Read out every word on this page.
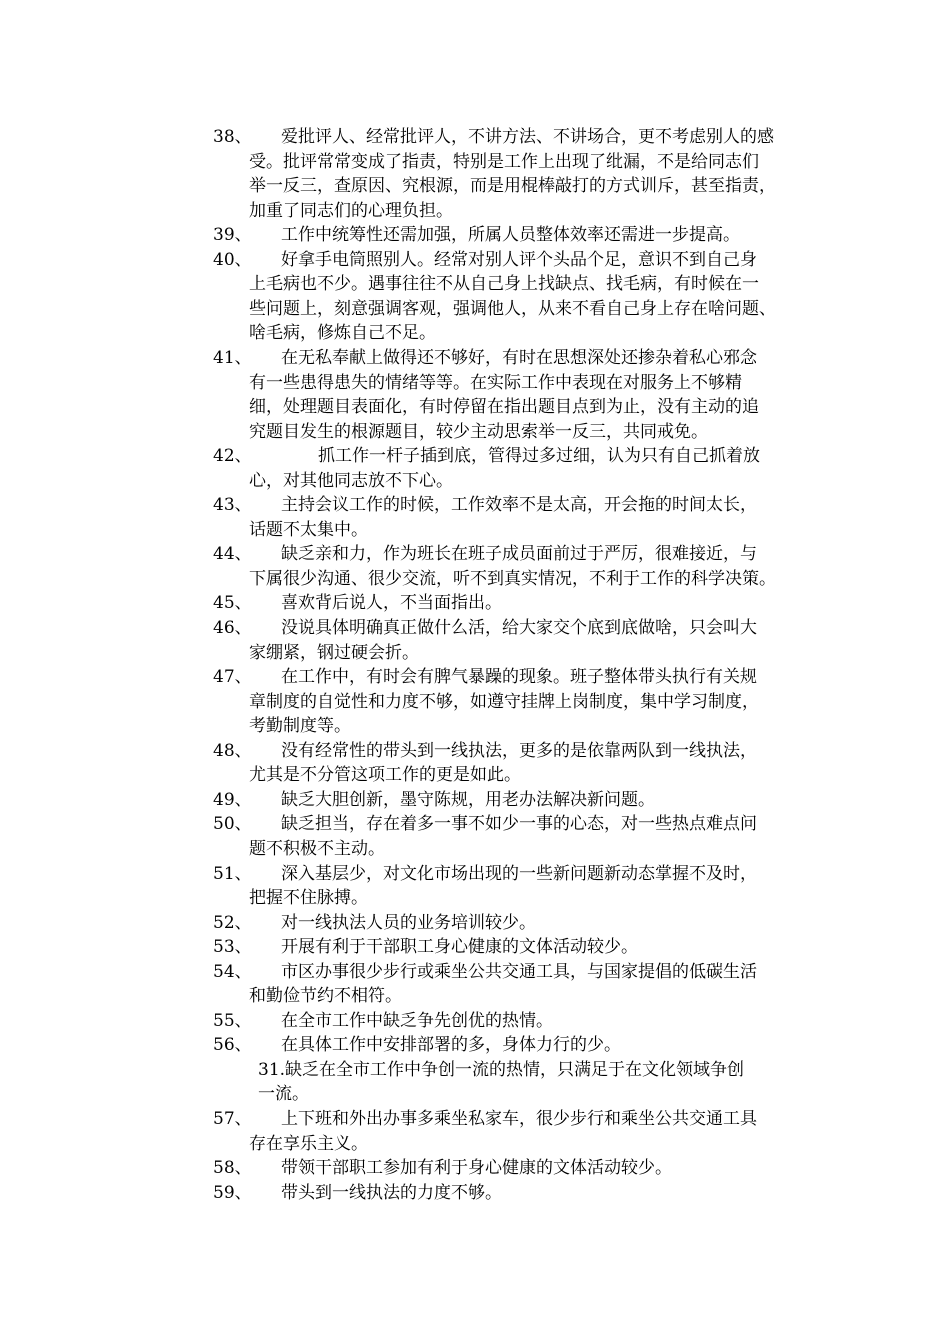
38、 爱批评人、经常批评人，不讲方法、不讲场合，更不考虑别人的感
受。批评常常变成了指责，特别是工作上出现了纰漏，不是给同志们
举一反三，查原因、究根源，而是用棍棒敲打的方式训斥，甚至指责，
加重了同志们的心理负担。
39、 工作中统筹性还需加强，所属人员整体效率还需进一步提高。
40、 好拿手电筒照别人。经常对别人评个头品个足，意识不到自己身
上毛病也不少。遇事往往不从自己身上找缺点、找毛病，有时候在一
些问题上，刻意强调客观，强调他人，从来不看自己身上存在啥问题、
啥毛病，修炼自己不足。
41、 在无私奉献上做得还不够好，有时在思想深处还掺杂着私心邪念
有一些患得患失的情绪等等。在实际工作中表现在对服务上不够精
细，处理题目表面化，有时停留在指出题目点到为止，没有主动的追
究题目发生的根源题目，较少主动思索举一反三，共同戒免。
42、	抓工作一杆子插到底，管得过多过细，认为只有自己抓着放
心，对其他同志放不下心。
43、 主持会议工作的时候，工作效率不是太高，开会拖的时间太长，
话题不太集中。
44、 缺乏亲和力，作为班长在班子成员面前过于严厉，很难接近，与
下属很少沟通、很少交流，听不到真实情况，不利于工作的科学决策。
45、 喜欢背后说人，不当面指出。
46、 没说具体明确真正做什么活，给大家交个底到底做啥，只会叫大
家绷紧，钢过硬会折。
47、 在工作中，有时会有脾气暴躁的现象。班子整体带头执行有关规
章制度的自觉性和力度不够，如遵守挂牌上岗制度，集中学习制度，
考勤制度等。
48、 没有经常性的带头到一线执法，更多的是依靠两队到一线执法，
尤其是不分管这项工作的更是如此。
49、 缺乏大胆创新，墨守陈规，用老办法解决新问题。
50、 缺乏担当，存在着多一事不如少一事的心态，对一些热点难点问
题不积极不主动。
51、 深入基层少，对文化市场出现的一些新问题新动态掌握不及时，
把握不住脉搏。
52、 对一线执法人员的业务培训较少。
53、 开展有利于干部职工身心健康的文体活动较少。
54、 市区办事很少步行或乘坐公共交通工具，与国家提倡的低碳生活
和勤俭节约不相符。
55、 在全市工作中缺乏争先创优的热情。
56、 在具体工作中安排部署的多，身体力行的少。
31.缺乏在全市工作中争创一流的热情，只满足于在文化领域争创
一流。
57、 上下班和外出办事多乘坐私家车，很少步行和乘坐公共交通工具
存在享乐主义。
58、 带领干部职工参加有利于身心健康的文体活动较少。
59、 带头到一线执法的力度不够。
